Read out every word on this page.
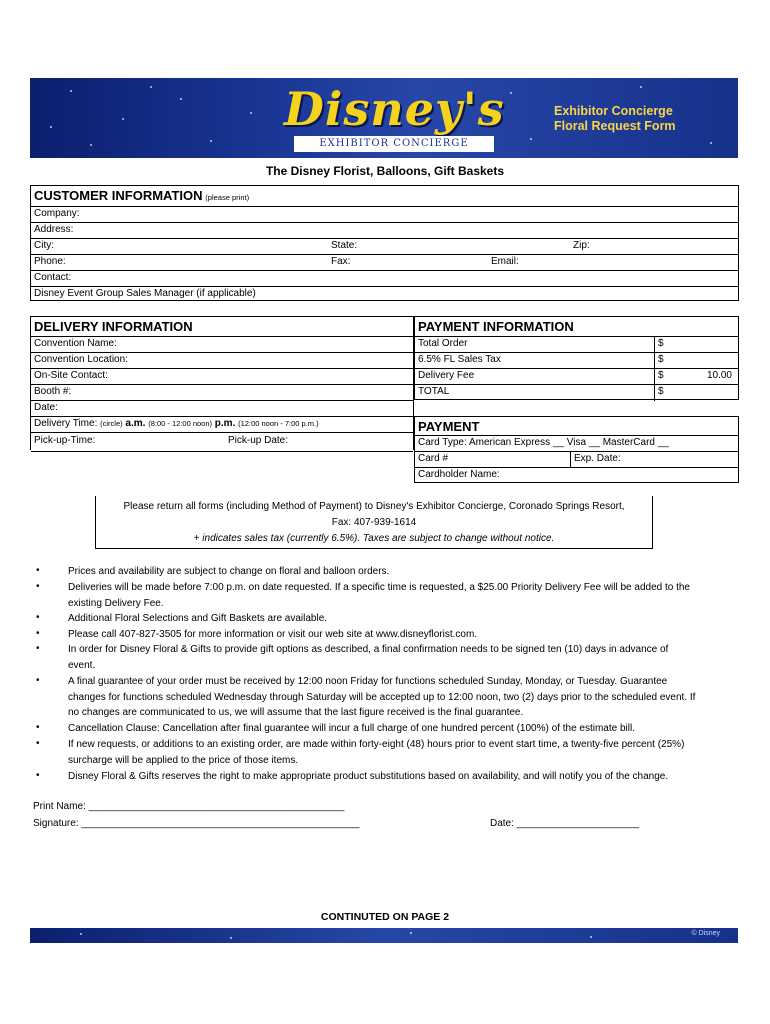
Disney's
EXHIBITOR CONCIERGE
Exhibitor Concierge
Floral Request Form
The Disney Florist, Balloons, Gift Baskets
CUSTOMER INFORMATION (please print)
Company:
Address:
City:	State:	Zip:
Phone:	Fax:	Email:
Contact:
Disney Event Group Sales Manager (if applicable)
DELIVERY INFORMATION
Convention Name:
Convention Location:
On-Site Contact:
Booth #:
Date:
Delivery Time: (circle) a.m. (8:00 - 12:00 noon) p.m. (12:00 noon - 7:00 p.m.)
Pick-up-Time:	Pick-up Date:
PAYMENT INFORMATION
Total Order	$
6.5% FL Sales Tax	$
Delivery Fee	$	10.00
TOTAL	$
PAYMENT
Card Type: American Express __ Visa __ MasterCard __
Card #	Exp. Date:
Cardholder Name:
Please return all forms (including Method of Payment) to Disney's Exhibitor Concierge, Coronado Springs Resort,
Fax: 407-939-1614
+ indicates sales tax (currently 6.5%). Taxes are subject to change without notice.
•	Prices and availability are subject to change on floral and balloon orders.
•	Deliveries will be made before 7:00 p.m. on date requested. If a specific time is requested, a $25.00 Priority Delivery Fee will be added to the existing Delivery Fee.
•	Additional Floral Selections and Gift Baskets are available.
•	Please call 407-827-3505 for more information or visit our web site at www.disneyflorist.com.
•	In order for Disney Floral & Gifts to provide gift options as described, a final confirmation needs to be signed ten (10) days in advance of event.
•	A final guarantee of your order must be received by 12:00 noon Friday for functions scheduled Sunday, Monday, or Tuesday. Guarantee changes for functions scheduled Wednesday through Saturday will be accepted up to 12:00 noon, two (2) days prior to the scheduled event. If no changes are communicated to us, we will assume that the last figure received is the final guarantee.
•	Cancellation Clause: Cancellation after final guarantee will incur a full charge of one hundred percent (100%) of the estimate bill.
•	If new requests, or additions to an existing order, are made within forty-eight (48) hours prior to event start time, a twenty-five percent (25%) surcharge will be applied to the price of those items.
•	Disney Floral & Gifts reserves the right to make appropriate product substitutions based on availability, and will notify you of the change.
Print Name: ______________________________________________
Signature: __________________________________________________	Date: ______________________
CONTINUTED ON PAGE 2
© Disney
